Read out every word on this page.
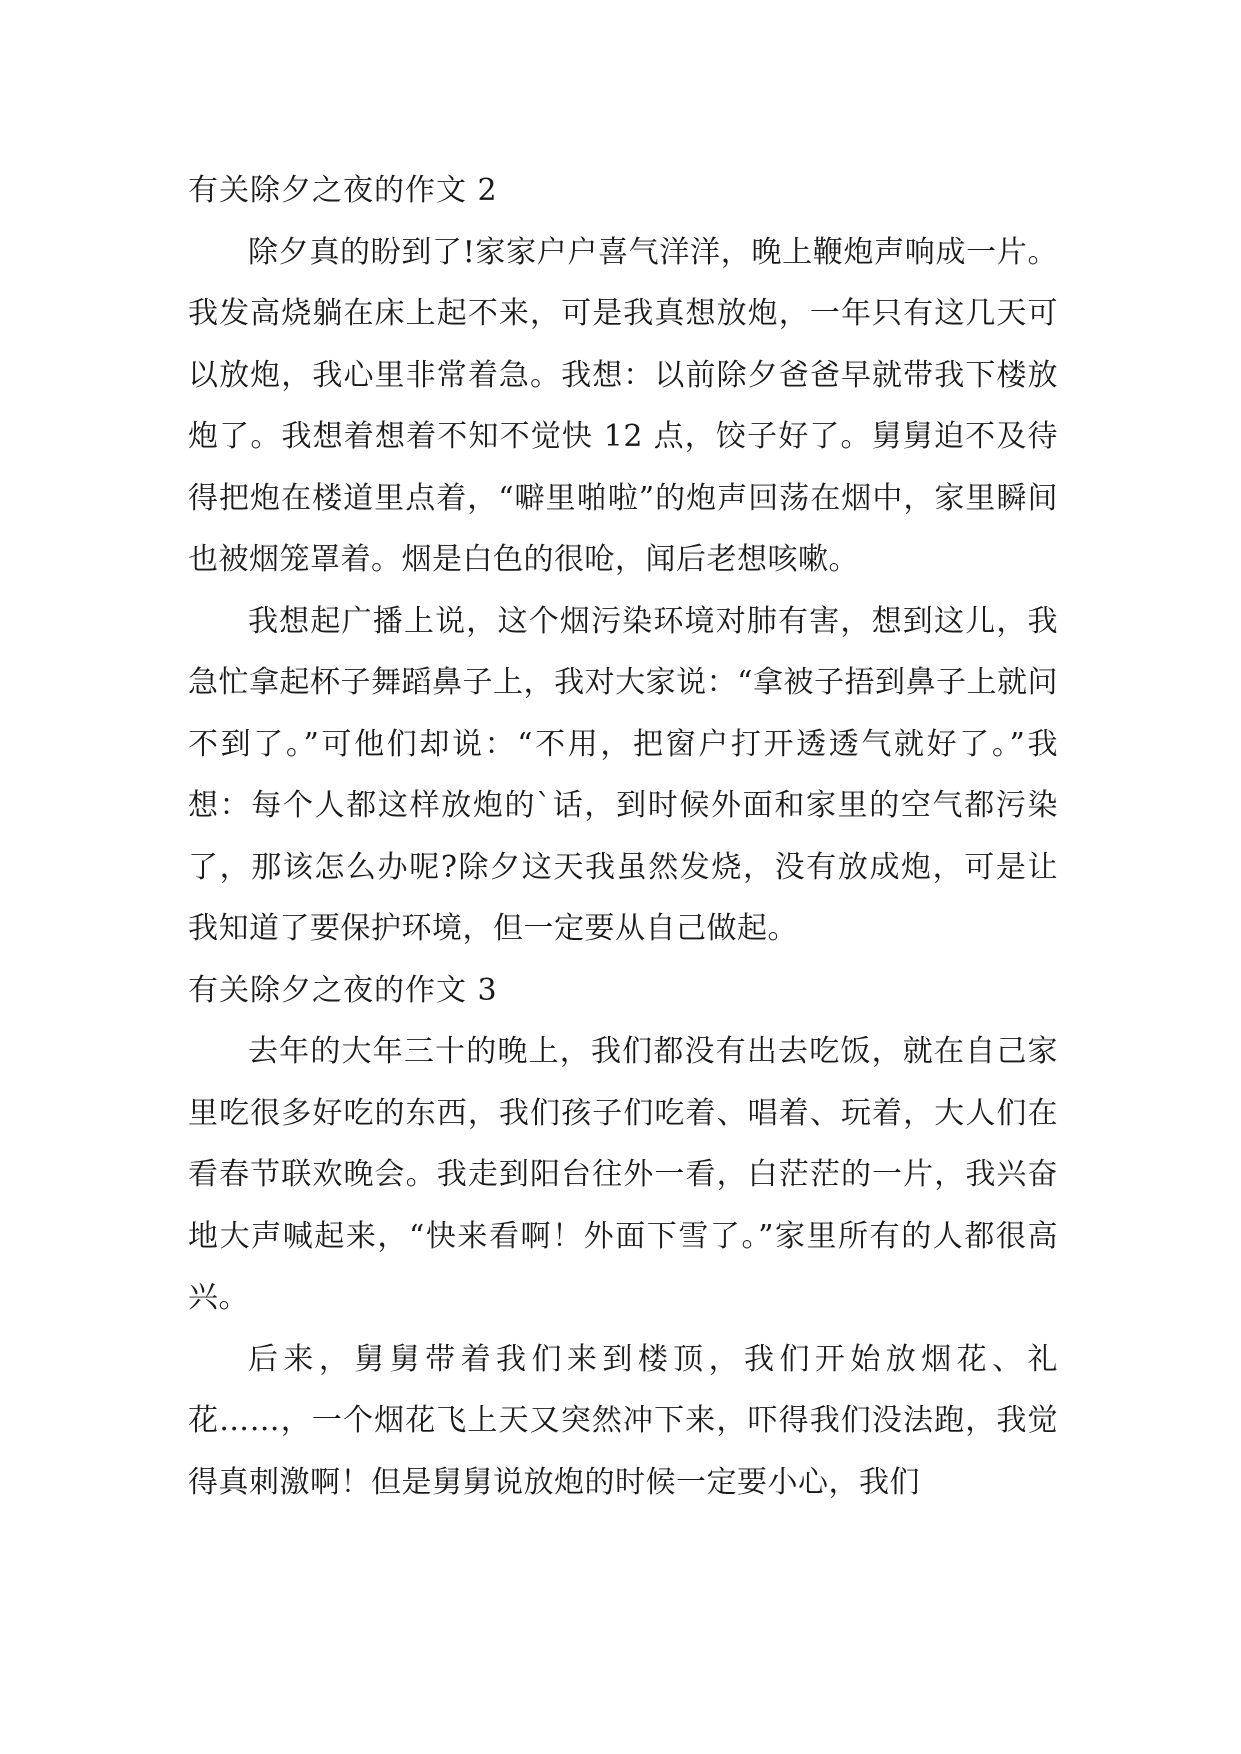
有关除夕之夜的作文 2

除夕真的盼到了!家家户户喜气洋洋，晚上鞭炮声响成一片。我发高烧躺在床上起不来，可是我真想放炮，一年只有这几天可以放炮，我心里非常着急。我想：以前除夕爸爸早就带我下楼放炮了。我想着想着不知不觉快 12 点，饺子好了。舅舅迫不及待得把炮在楼道里点着，“噼里啪啦”的炮声回荡在烟中，家里瞬间也被烟笼罩着。烟是白色的很呛，闻后老想咳嗽。

我想起广播上说，这个烟污染环境对肺有害，想到这儿，我急忙拿起杯子舞蹈鼻子上，我对大家说：“拿被子捂到鼻子上就问不到了。”可他们却说：“不用，把窗户打开透透气就好了。”我想：每个人都这样放炮的`话，到时候外面和家里的空气都污染了，那该怎么办呢?除夕这天我虽然发烧，没有放成炮，可是让我知道了要保护环境，但一定要从自己做起。

有关除夕之夜的作文 3

去年的大年三十的晚上，我们都没有出去吃饭，就在自己家里吃很多好吃的东西，我们孩子们吃着、唱着、玩着，大人们在看春节联欢晚会。我走到阳台往外一看，白茫茫的一片，我兴奋地大声喊起来，“快来看啊！外面下雪了。”家里所有的人都很高兴。

后来，舅舅带着我们来到楼顶，我们开始放烟花、礼花……，一个烟花飞上天又突然冲下来，吓得我们没法跑，我觉得真刺激啊！但是舅舅说放炮的时候一定要小心，我们
